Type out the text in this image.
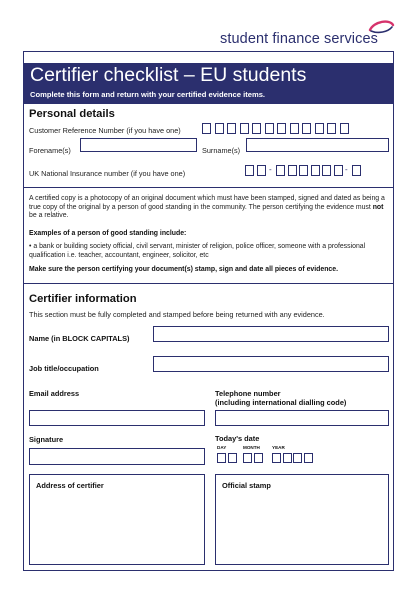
student finance services
Certifier checklist – EU students
Complete this form and return with your certified evidence items.
Personal details
Customer Reference Number (if you have one)
Forename(s)	Surname(s)
UK National Insurance number (if you have one)	-	-
A certified copy is a photocopy of an original document which must have been stamped, signed and dated as being a true copy of the original by a person of good standing in the community. The person certifying the evidence must not be a relative.
Examples of a person of good standing include:
• a bank or building society official, civil servant, minister of religion, police officer, someone with a professional qualification i.e. teacher, accountant, engineer, solicitor, etc
Make sure the person certifying your document(s) stamp, sign and date all pieces of evidence.
Certifier information
This section must be fully completed and stamped before being returned with any evidence.
Name (in BLOCK CAPITALS)
Job title/occupation
Email address	Telephone number
(including international dialling code)
Signature	Today's date
DAY	MONTH	YEAR
Address of certifier	Official stamp
